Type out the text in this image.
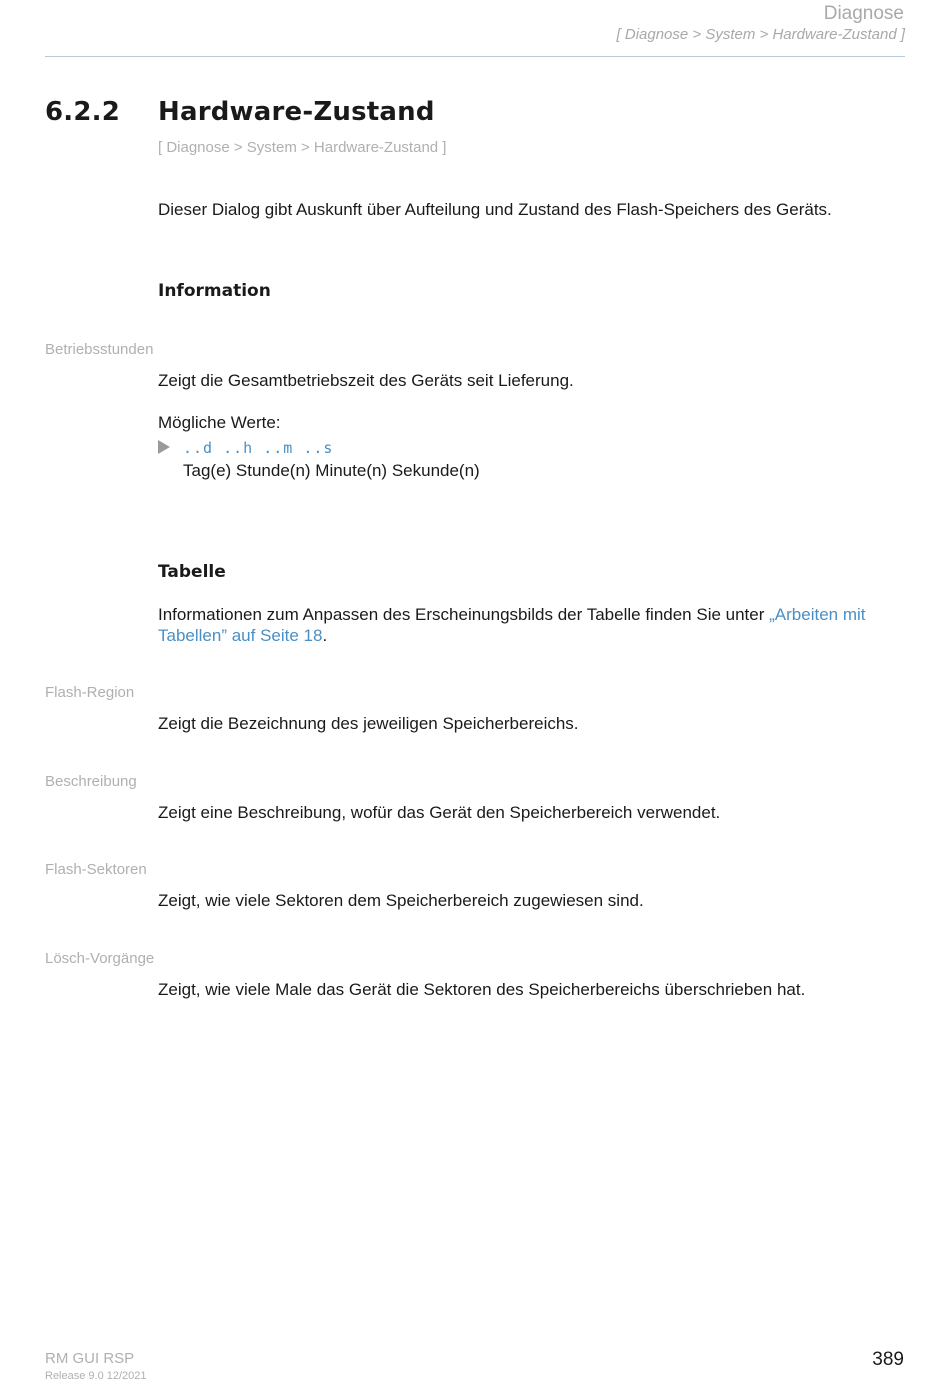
Diagnose
[ Diagnose > System > Hardware-Zustand ]
6.2.2 Hardware-Zustand
[ Diagnose > System > Hardware-Zustand ]
Dieser Dialog gibt Auskunft über Aufteilung und Zustand des Flash-Speichers des Geräts.
Information
Betriebsstunden
Zeigt die Gesamtbetriebszeit des Geräts seit Lieferung.
Mögliche Werte:
..d ..h ..m ..s
Tag(e) Stunde(n) Minute(n) Sekunde(n)
Tabelle
Informationen zum Anpassen des Erscheinungsbilds der Tabelle finden Sie unter „Arbeiten mit
Tabellen” auf Seite 18.
Flash-Region
Zeigt die Bezeichnung des jeweiligen Speicherbereichs.
Beschreibung
Zeigt eine Beschreibung, wofür das Gerät den Speicherbereich verwendet.
Flash-Sektoren
Zeigt, wie viele Sektoren dem Speicherbereich zugewiesen sind.
Lösch-Vorgänge
Zeigt, wie viele Male das Gerät die Sektoren des Speicherbereichs überschrieben hat.
RM GUI RSP
Release 9.0 12/2021
389
